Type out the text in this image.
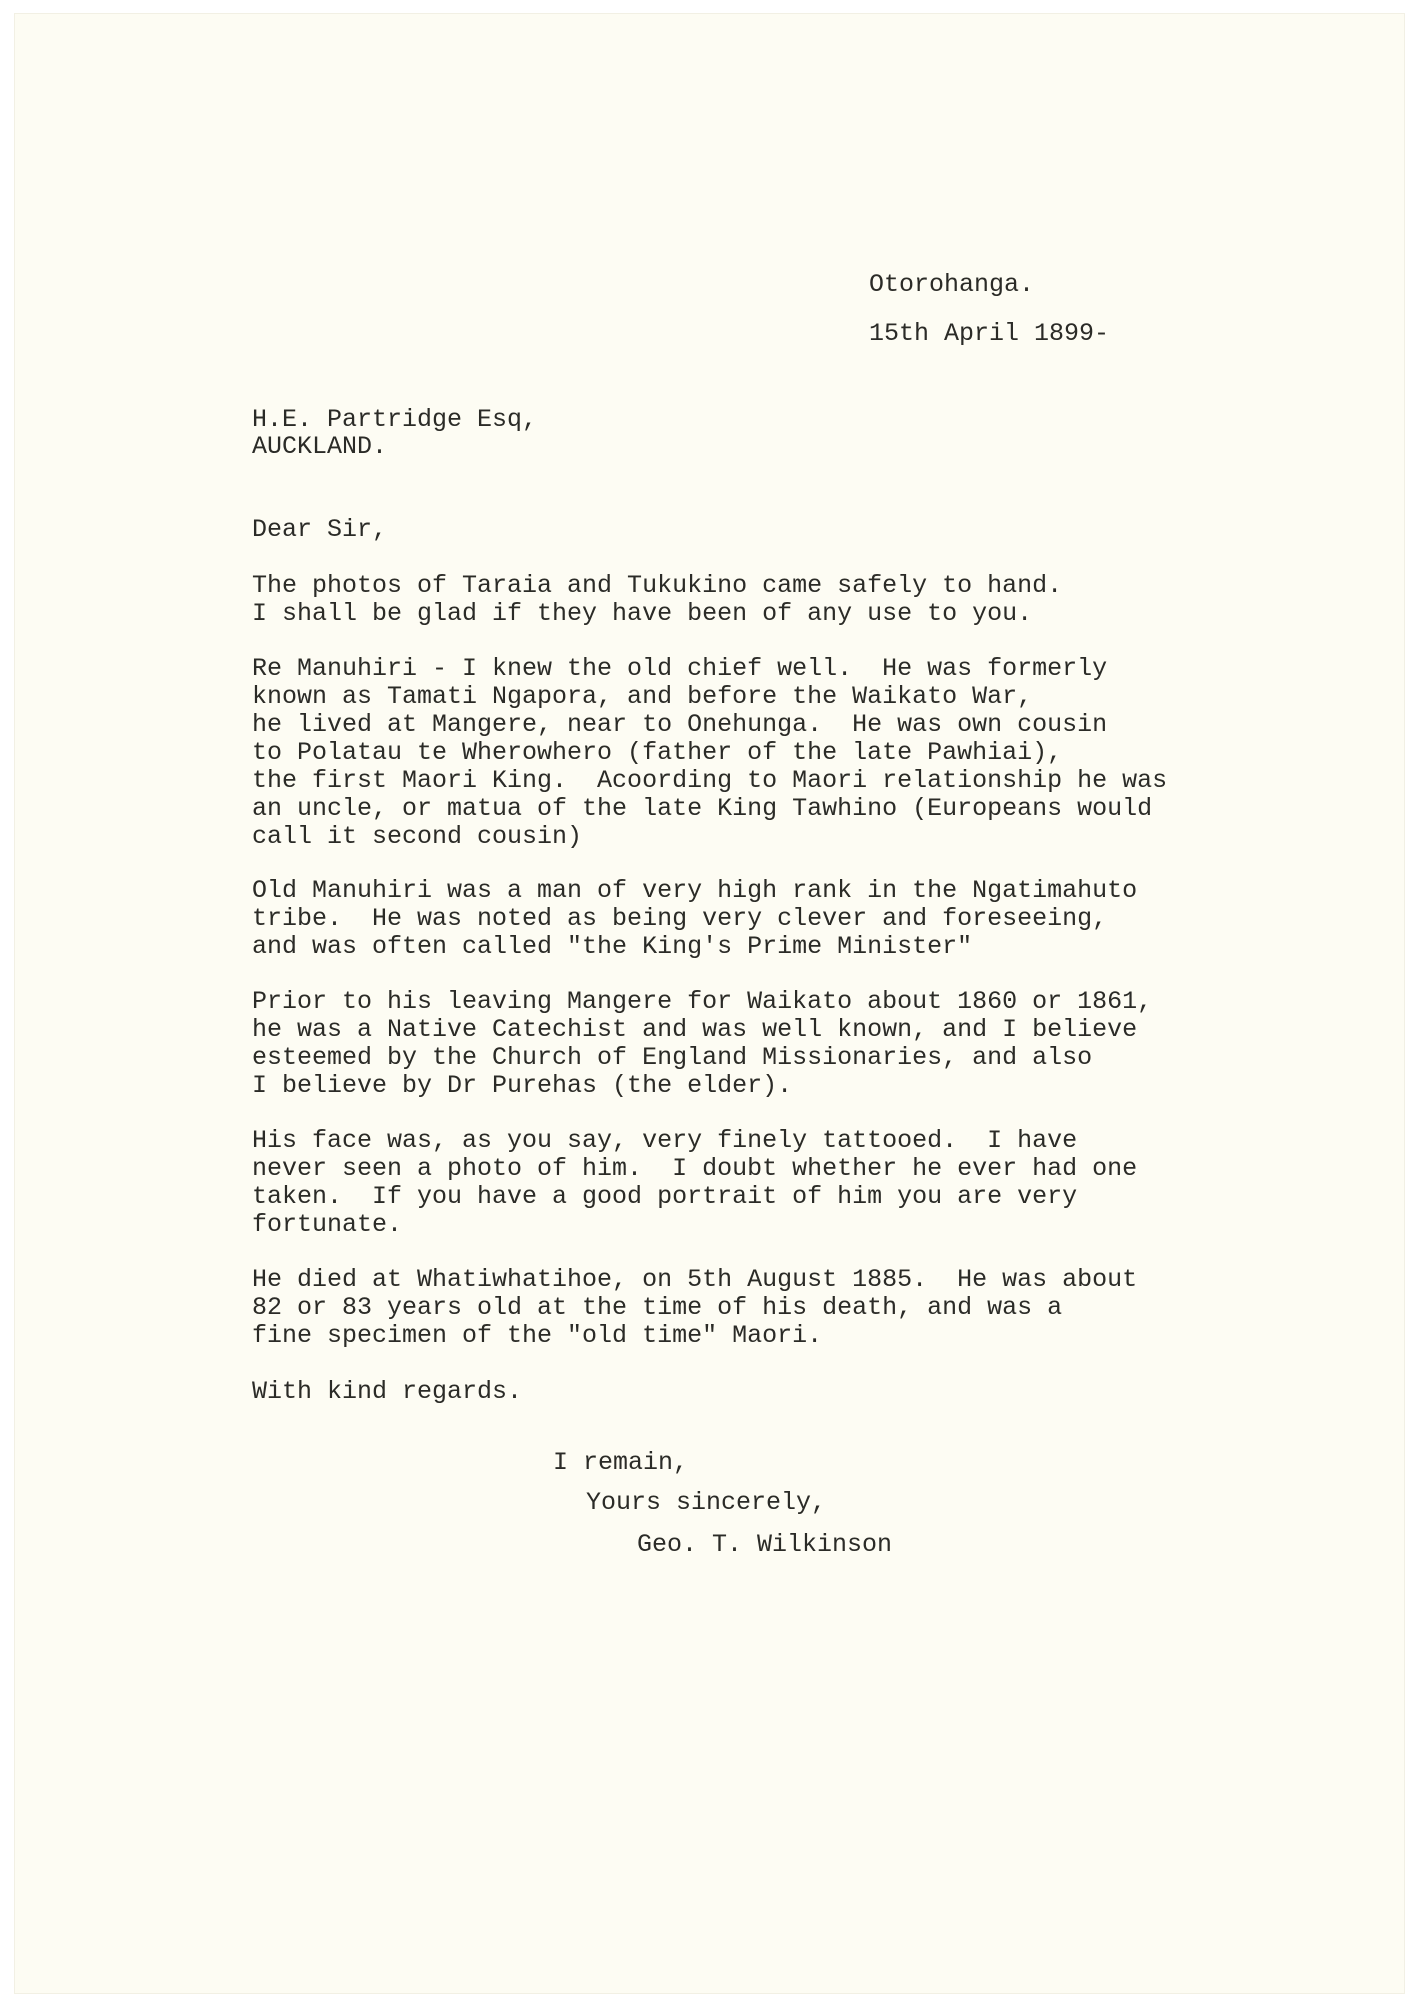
Otorohanga.
15th April 1899-
H.E. Partridge Esq,
AUCKLAND.
Dear Sir,
The photos of Taraia and Tukukino came safely to hand.
I shall be glad if they have been of any use to you.
Re Manuhiri - I knew the old chief well.  He was formerly
known as Tamati Ngapora, and before the Waikato War,
he lived at Mangere, near to Onehunga.  He was own cousin
to Polatau te Wherowhero (father of the late Pawhiai),
the first Maori King.  Acoording to Maori relationship he was
an uncle, or matua of the late King Tawhino (Europeans would
call it second cousin)
Old Manuhiri was a man of very high rank in the Ngatimahuto
tribe.  He was noted as being very clever and foreseeing,
and was often called "the King's Prime Minister"
Prior to his leaving Mangere for Waikato about 1860 or 1861,
he was a Native Catechist and was well known, and I believe
esteemed by the Church of England Missionaries, and also
I believe by Dr Purehas (the elder).
His face was, as you say, very finely tattooed.  I have
never seen a photo of him.  I doubt whether he ever had one
taken.  If you have a good portrait of him you are very
fortunate.
He died at Whatiwhatihoe, on 5th August 1885.  He was about
82 or 83 years old at the time of his death, and was a
fine specimen of the "old time" Maori.
With kind regards.
I remain,
Yours sincerely,
Geo. T. Wilkinson
